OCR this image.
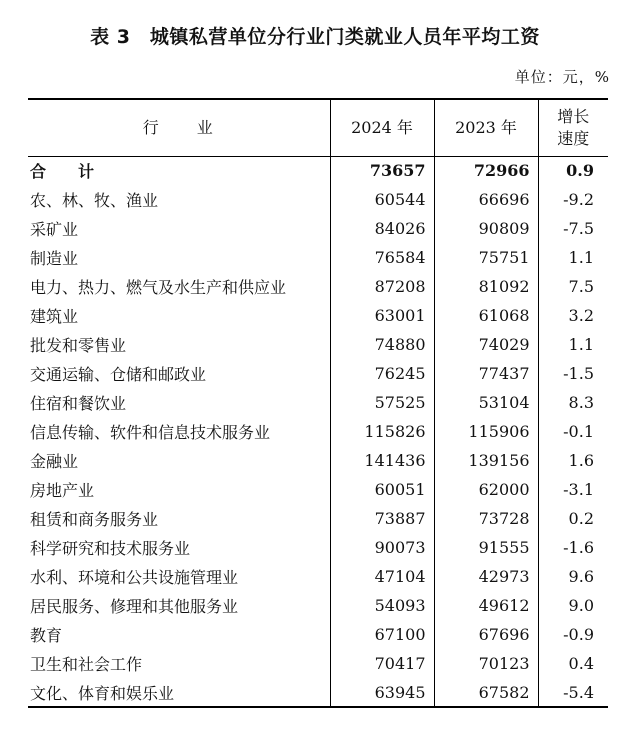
表 3　城镇私营单位分行业门类就业人员年平均工资
单位：元，%
行　　业	2024 年	2023 年	增长
速度
合　　计	73657	72966	0.9
农、林、牧、渔业	60544	66696	-9.2
采矿业	84026	90809	-7.5
制造业	76584	75751	1.1
电力、热力、燃气及水生产和供应业	87208	81092	7.5
建筑业	63001	61068	3.2
批发和零售业	74880	74029	1.1
交通运输、仓储和邮政业	76245	77437	-1.5
住宿和餐饮业	57525	53104	8.3
信息传输、软件和信息技术服务业	115826	115906	-0.1
金融业	141436	139156	1.6
房地产业	60051	62000	-3.1
租赁和商务服务业	73887	73728	0.2
科学研究和技术服务业	90073	91555	-1.6
水利、环境和公共设施管理业	47104	42973	9.6
居民服务、修理和其他服务业	54093	49612	9.0
教育	67100	67696	-0.9
卫生和社会工作	70417	70123	0.4
文化、体育和娱乐业	63945	67582	-5.4
